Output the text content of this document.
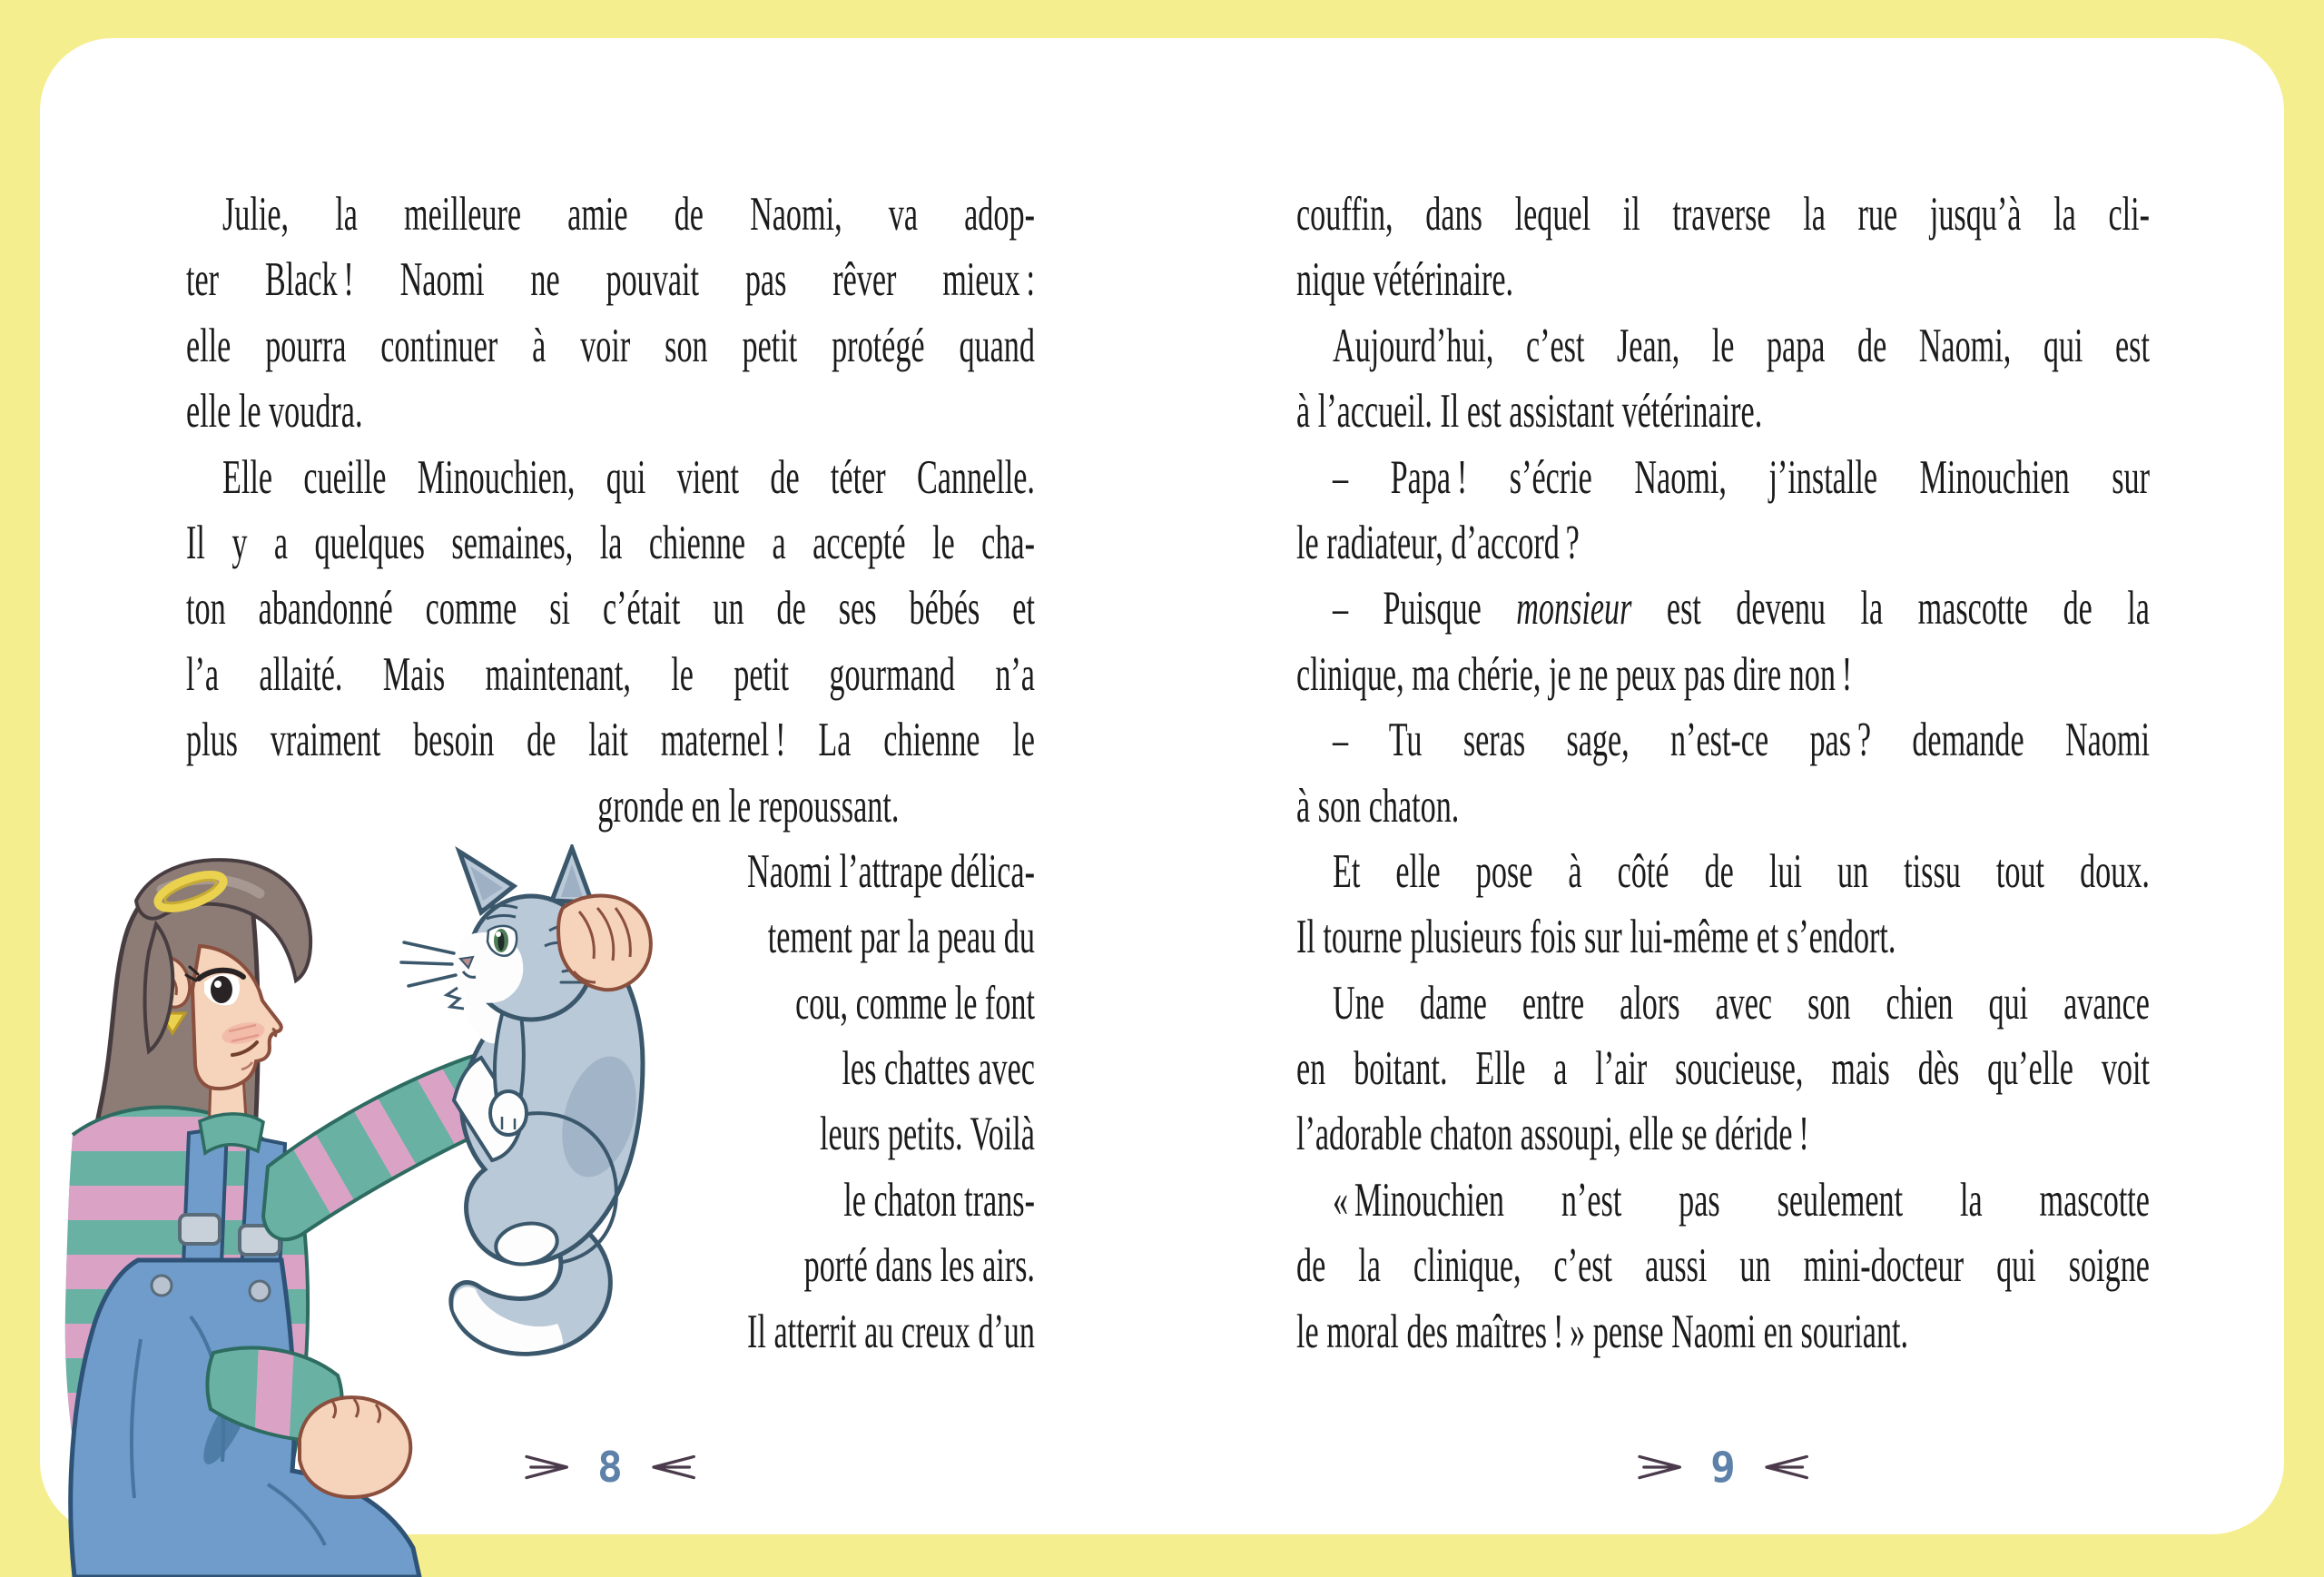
Julie, la meilleure amie de Naomi, va adop-
ter Black ! Naomi ne pouvait pas rêver mieux :
elle pourra continuer à voir son petit protégé quand
elle le voudra.
Elle cueille Minouchien, qui vient de téter Cannelle.
Il y a quelques semaines, la chienne a accepté le cha-
ton abandonné comme si c’était un de ses bébés et
l’a allaité. Mais maintenant, le petit gourmand n’a
plus vraiment besoin de lait maternel ! La chienne le
gronde en le repoussant.
Naomi l’attrape délica-
tement par la peau du
cou, comme le font
les chattes avec
leurs petits. Voilà
le chaton trans-
porté dans les airs.
Il atterrit au creux d’un
couffin, dans lequel il traverse la rue jusqu’à la cli-
nique vétérinaire.
Aujourd’hui, c’est Jean, le papa de Naomi, qui est
à l’accueil. Il est assistant vétérinaire.
– Papa ! s’écrie Naomi, j’installe Minouchien sur
le radiateur, d’accord ?
– Puisque monsieur est devenu la mascotte de la
clinique, ma chérie, je ne peux pas dire non !
– Tu seras sage, n’est-ce pas ? demande Naomi
à son chaton.
Et elle pose à côté de lui un tissu tout doux.
Il tourne plusieurs fois sur lui-même et s’endort.
Une dame entre alors avec son chien qui avance
en boitant. Elle a l’air soucieuse, mais dès qu’elle voit
l’adorable chaton assoupi, elle se déride !
« Minouchien n’est pas seulement la mascotte
de la clinique, c’est aussi un mini-docteur qui soigne
le moral des maîtres ! » pense Naomi en souriant.
8	9
